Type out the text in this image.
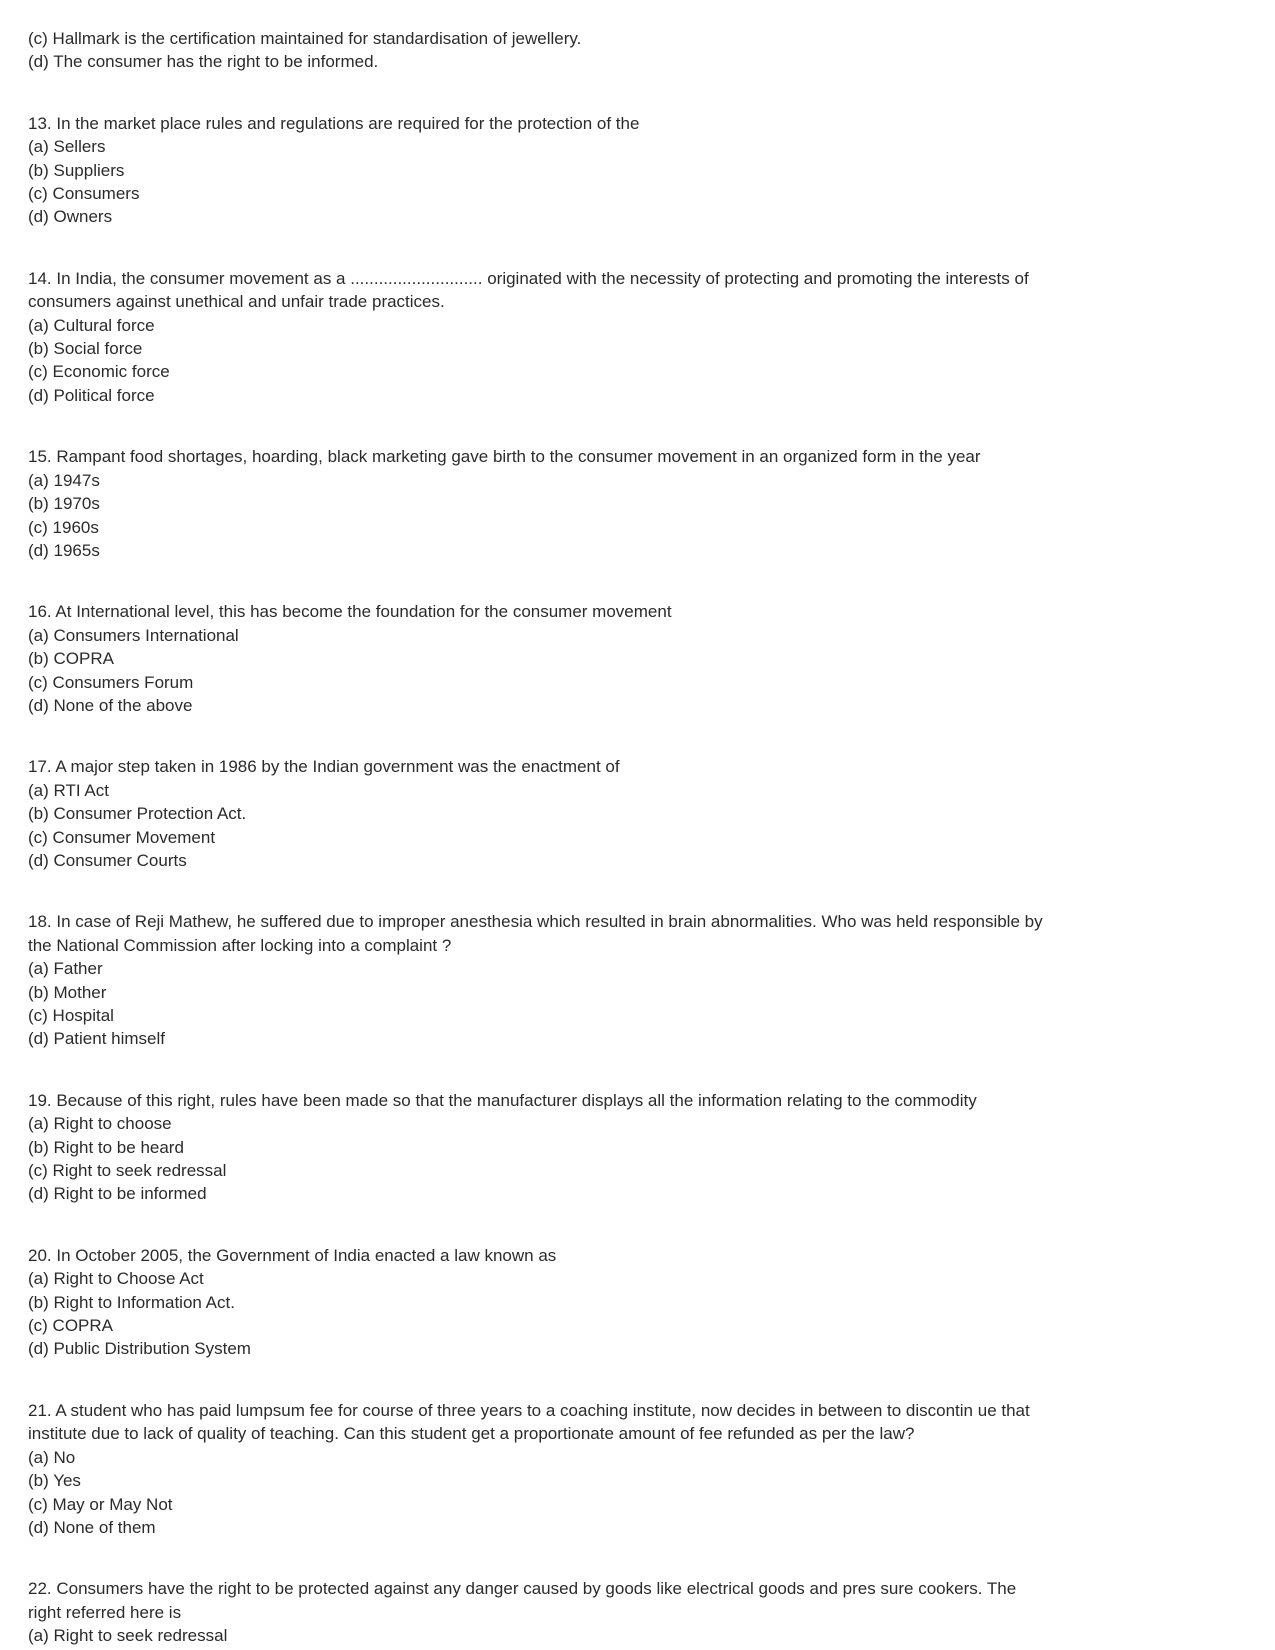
(c) Hallmark is the certification maintained for standardisation of jewellery.
(d) The consumer has the right to be informed.
13. In the market place rules and regulations are required for the protection of the
(a) Sellers
(b) Suppliers
(c) Consumers
(d) Owners
14. In India, the consumer movement as a ............................ originated with the necessity of protecting and promoting the interests of
consumers against unethical and unfair trade practices.
(a) Cultural force
(b) Social force
(c) Economic force
(d) Political force
15. Rampant food shortages, hoarding, black marketing gave birth to the consumer movement in an organized form in the year
(a) 1947s
(b) 1970s
(c) 1960s
(d) 1965s
16. At International level, this has become the foundation for the consumer movement
(a) Consumers International
(b) COPRA
(c) Consumers Forum
(d) None of the above
17. A major step taken in 1986 by the Indian government was the enactment of
(a) RTI Act
(b) Consumer Protection Act.
(c) Consumer Movement
(d) Consumer Courts
18. In case of Reji Mathew, he suffered due to improper anesthesia which resulted in brain abnormalities. Who was held responsible by
the National Commission after locking into a complaint ?
(a) Father
(b) Mother
(c) Hospital
(d) Patient himself
19. Because of this right, rules have been made so that the manufacturer displays all the information relating to the commodity
(a) Right to choose
(b) Right to be heard
(c) Right to seek redressal
(d) Right to be informed
20. In October 2005, the Government of India enacted a law known as
(a) Right to Choose Act
(b) Right to Information Act.
(c) COPRA
(d) Public Distribution System
21. A student who has paid lumpsum fee for course of three years to a coaching institute, now decides in between to discontin ue that
institute due to lack of quality of teaching. Can this student get a proportionate amount of fee refunded as per the law?
(a) No
(b) Yes
(c) May or May Not
(d) None of them
22. Consumers have the right to be protected against any danger caused by goods like electrical goods and pres sure cookers. The
right referred here is
(a) Right to seek redressal
